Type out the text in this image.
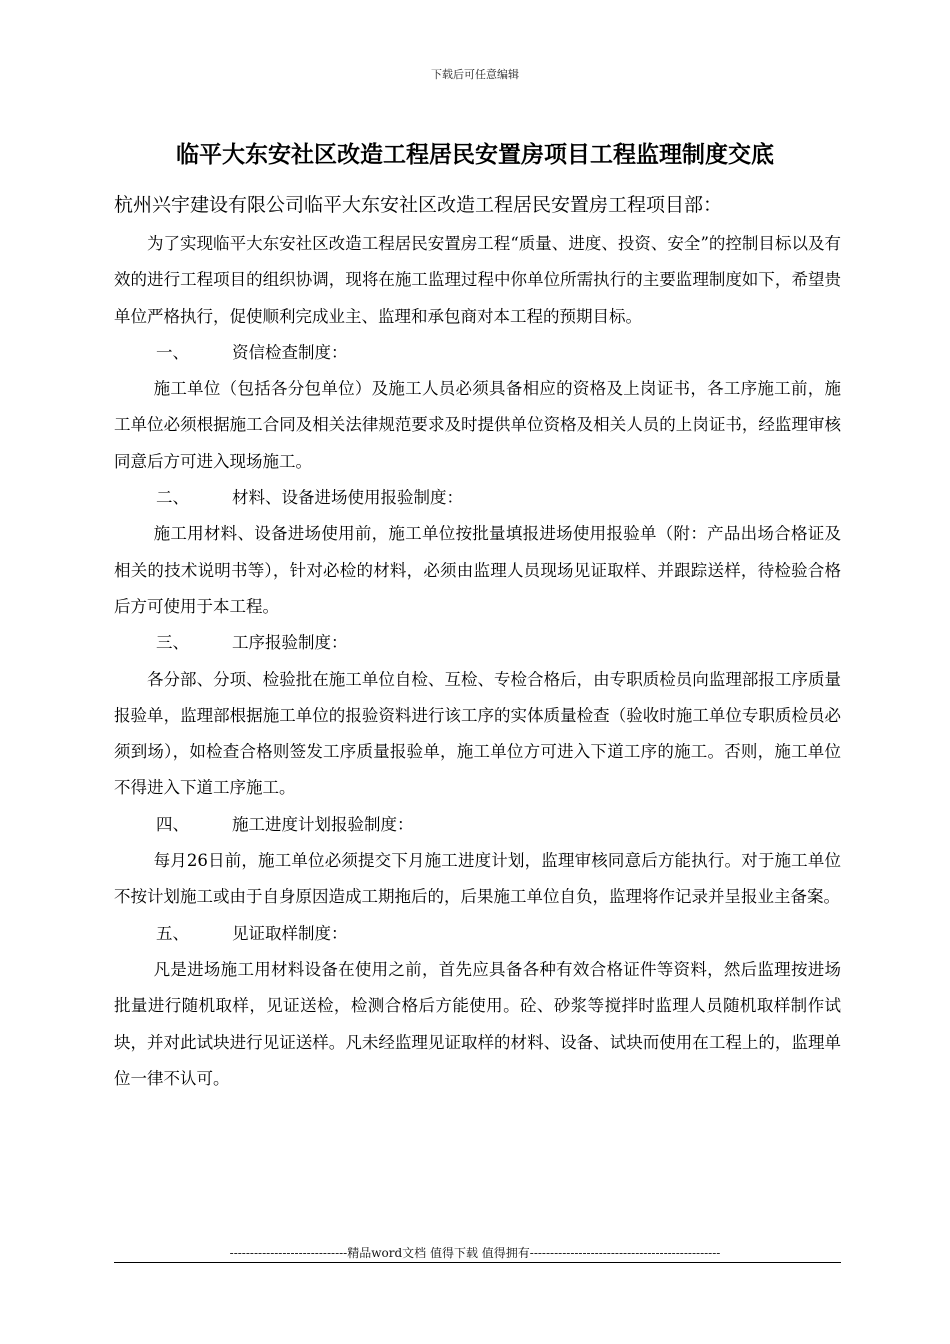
下载后可任意编辑
临平大东安社区改造工程居民安置房项目工程监理制度交底
杭州兴宇建设有限公司临平大东安社区改造工程居民安置房工程项目部：

为了实现临平大东安社区改造工程居民安置房工程“质量、进度、投资、安全”的控制目标以及有效的进行工程项目的组织协调，现将在施工监理过程中你单位所需执行的主要监理制度如下，希望贵单位严格执行，促使顺利完成业主、监理和承包商对本工程的预期目标。

一、	资信检查制度：

施工单位（包括各分包单位）及施工人员必须具备相应的资格及上岗证书，各工序施工前，施工单位必须根据施工合同及相关法律规范要求及时提供单位资格及相关人员的上岗证书，经监理审核同意后方可进入现场施工。

二、	材料、设备进场使用报验制度：

施工用材料、设备进场使用前，施工单位按批量填报进场使用报验单（附：产品出场合格证及相关的技术说明书等），针对必检的材料，必须由监理人员现场见证取样、并跟踪送样，待检验合格后方可使用于本工程。

三、	工序报验制度：

各分部、分项、检验批在施工单位自检、互检、专检合格后，由专职质检员向监理部报工序质量报验单，监理部根据施工单位的报验资料进行该工序的实体质量检查（验收时施工单位专职质检员必须到场），如检查合格则签发工序质量报验单，施工单位方可进入下道工序的施工。否则，施工单位不得进入下道工序施工。

四、	施工进度计划报验制度：

每月26日前，施工单位必须提交下月施工进度计划，监理审核同意后方能执行。对于施工单位不按计划施工或由于自身原因造成工期拖后的，后果施工单位自负，监理将作记录并呈报业主备案。

五、	见证取样制度：

凡是进场施工用材料设备在使用之前，首先应具备各种有效合格证件等资料，然后监理按进场批量进行随机取样，见证送检，检测合格后方能使用。砼、砂浆等搅拌时监理人员随机取样制作试块，并对此试块进行见证送样。凡未经监理见证取样的材料、设备、试块而使用在工程上的，监理单位一律不认可。

-----------------------------精品word文档 值得下载 值得拥有-----------------------------------------------
